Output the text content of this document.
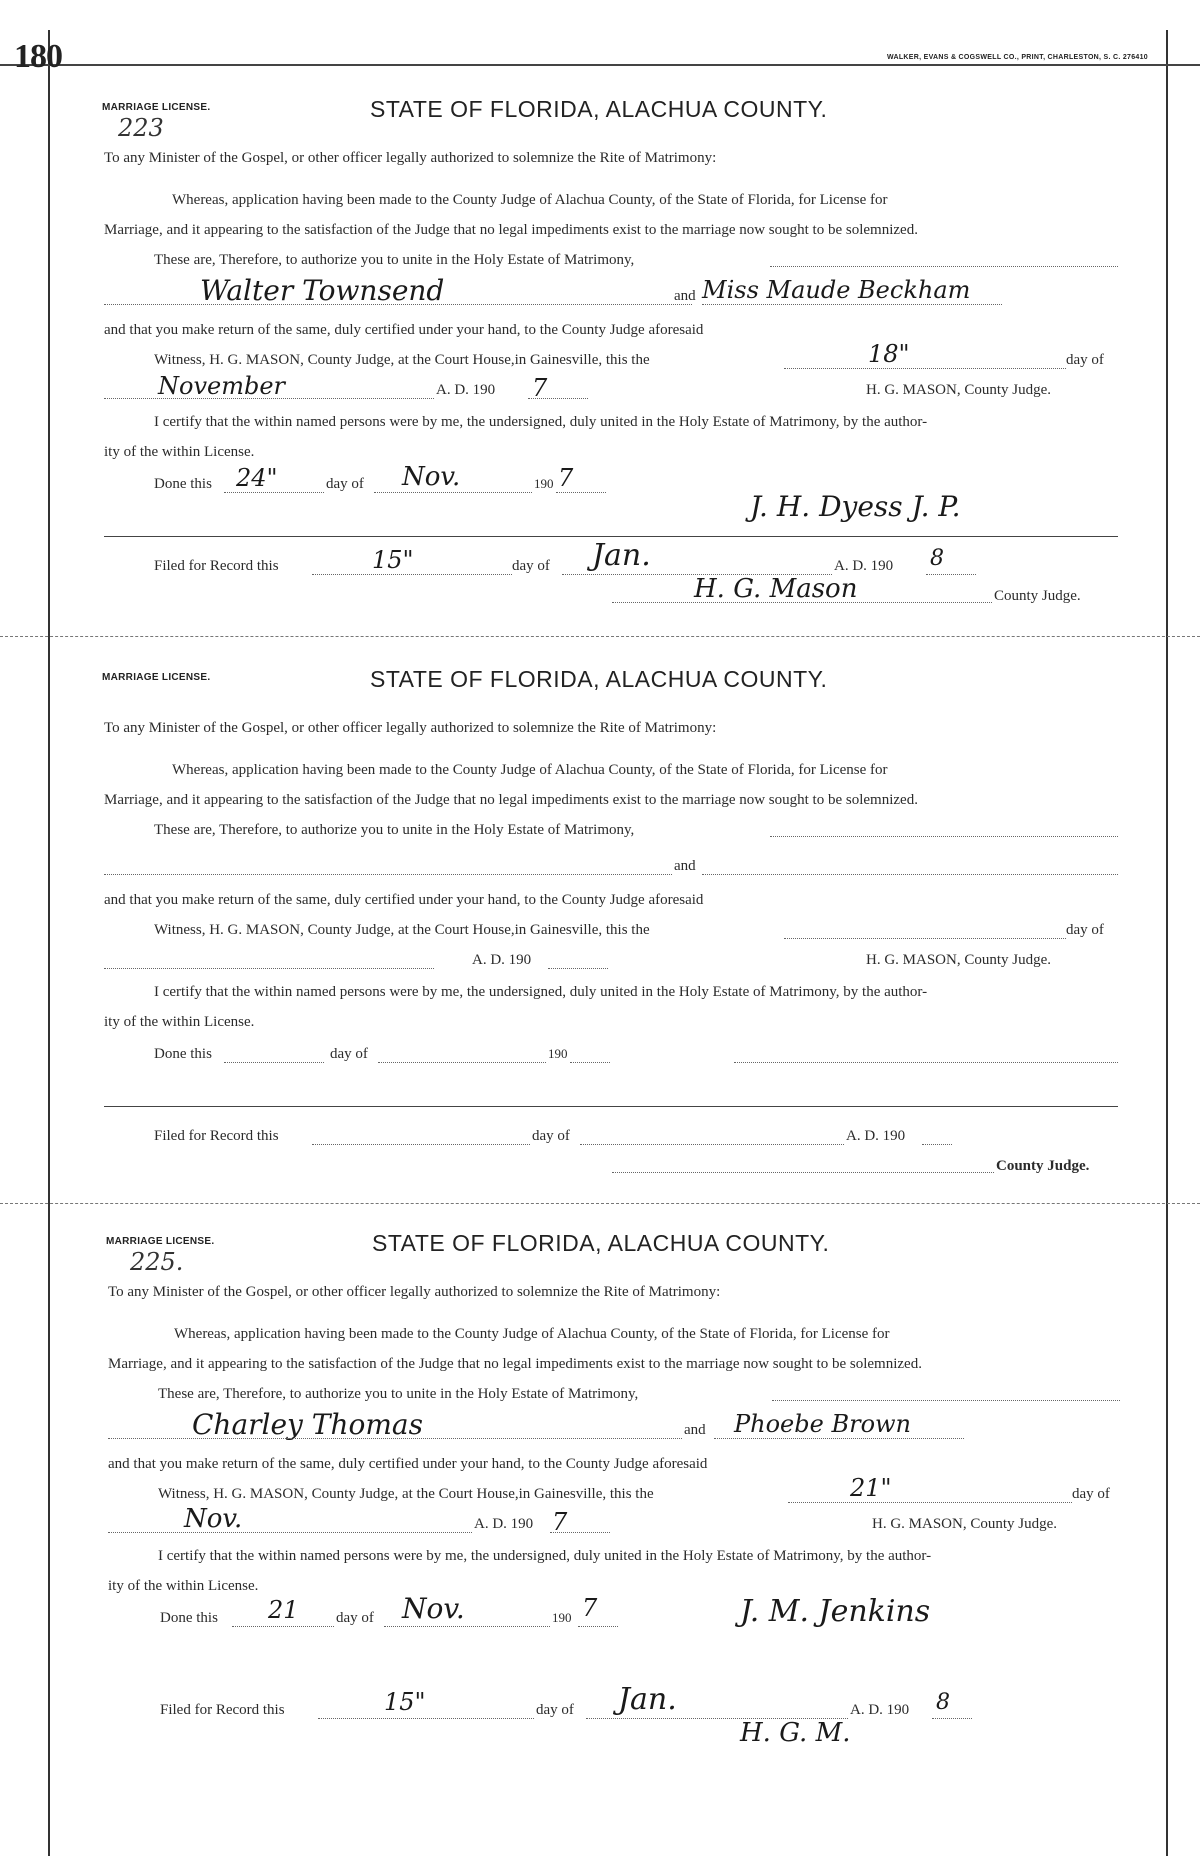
180	WALKER, EVANS & COGSWELL CO., PRINT, CHARLESTON, S. C. 276410
MARRIAGE LICENSE.
223
STATE OF FLORIDA, ALACHUA COUNTY.
To any Minister of the Gospel, or other officer legally authorized to solemnize the Rite of Matrimony:
Whereas, application having been made to the County Judge of Alachua County, of the State of Florida, for License for
Marriage, and it appearing to the satisfaction of the Judge that no legal impediments exist to the marriage now sought to be solemnized.
These are, Therefore, to authorize you to unite in the Holy Estate of Matrimony,
Walter Townsend	and Miss Maude Beckham
and that you make return of the same, duly certified under your hand, to the County Judge aforesaid
Witness, H. G. MASON, County Judge, at the Court House,in Gainesville, this the	18"	day of
November	A. D. 190 7	H. G. MASON, County Judge.
I certify that the within named persons were by me, the undersigned, duly united in the Holy Estate of Matrimony, by the author-
ity of the within License.
Done this 24"	day of Nov.	190 7
J. H. Dyess J. P.
Filed for Record this	15"	day of Jan.	A. D. 190 8
H. G. Mason	County Judge.
MARRIAGE LICENSE.	STATE OF FLORIDA, ALACHUA COUNTY.
To any Minister of the Gospel, or other officer legally authorized to solemnize the Rite of Matrimony:
Whereas, application having been made to the County Judge of Alachua County, of the State of Florida, for License for
Marriage, and it appearing to the satisfaction of the Judge that no legal impediments exist to the marriage now sought to be solemnized.
These are, Therefore, to authorize you to unite in the Holy Estate of Matrimony,
and
and that you make return of the same, duly certified under your hand, to the County Judge aforesaid
Witness, H. G. MASON, County Judge, at the Court House,in Gainesville, this the	day of
A. D. 190	H. G. MASON, County Judge.
I certify that the within named persons were by me, the undersigned, duly united in the Holy Estate of Matrimony, by the author-
ity of the within License.
Done this	day of	190
Filed for Record this	day of	A. D. 190
County Judge.
MARRIAGE LICENSE.
225.
STATE OF FLORIDA, ALACHUA COUNTY.
To any Minister of the Gospel, or other officer legally authorized to solemnize the Rite of Matrimony:
Whereas, application having been made to the County Judge of Alachua County, of the State of Florida, for License for
Marriage, and it appearing to the satisfaction of the Judge that no legal impediments exist to the marriage now sought to be solemnized.
These are, Therefore, to authorize you to unite in the Holy Estate of Matrimony,
Charley Thomas	and Phoebe Brown
and that you make return of the same, duly certified under your hand, to the County Judge aforesaid
Witness, H. G. MASON, County Judge, at the Court House,in Gainesville, this the	21"	day of
Nov.	A. D. 190 7	H. G. MASON, County Judge.
I certify that the within named persons were by me, the undersigned, duly united in the Holy Estate of Matrimony, by the author-
ity of the within License.
Done this 21 day of Nov.	190 7	J. M. Jenkins
Filed for Record this	15"	day of Jan.	A. D. 190 8
H. G. M.
